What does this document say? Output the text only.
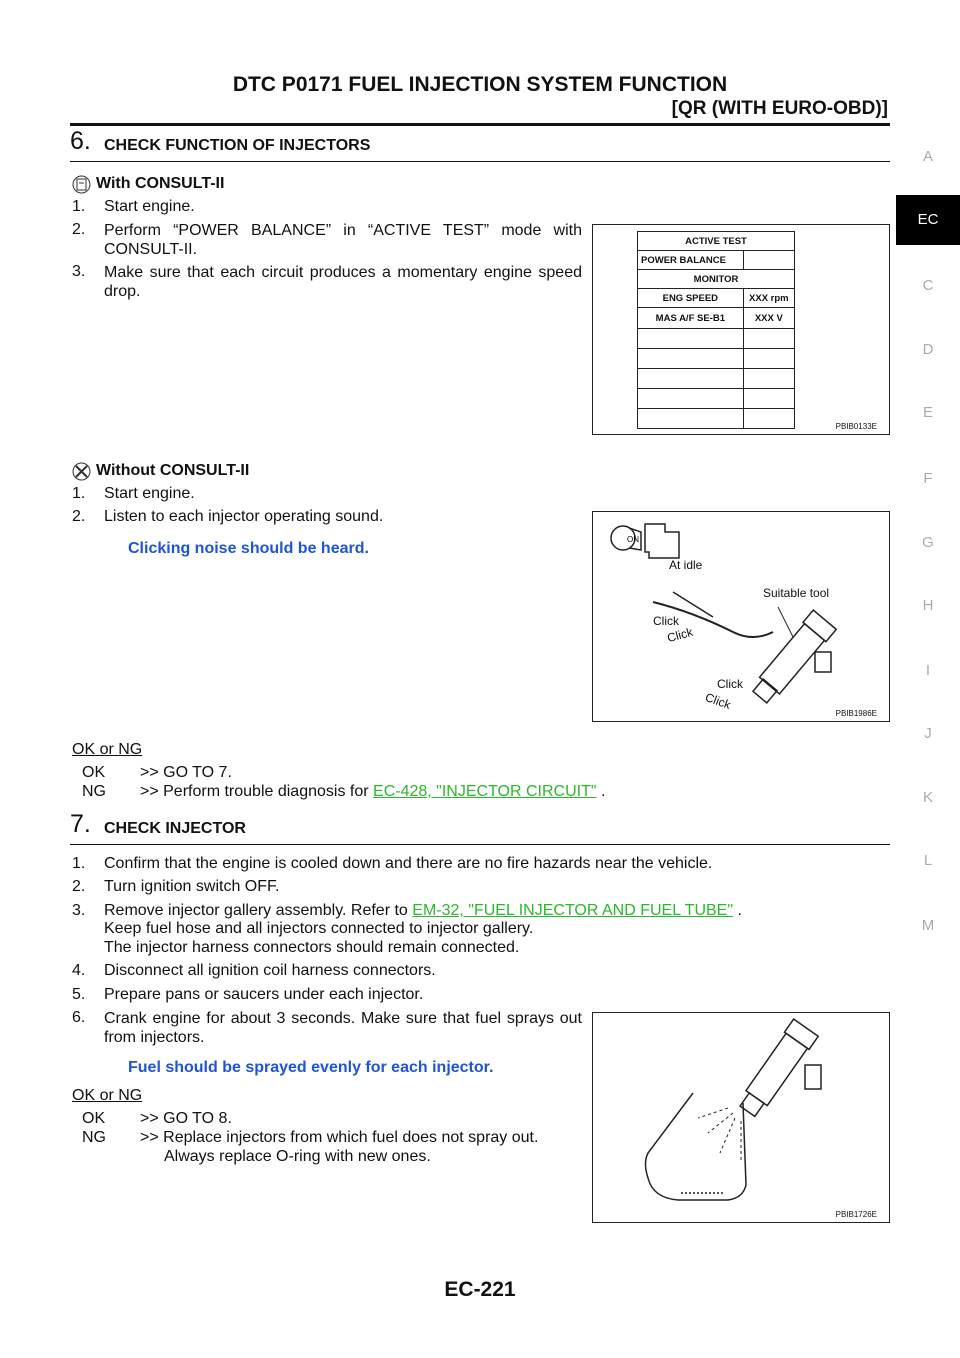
DTC P0171 FUEL INJECTION SYSTEM FUNCTION
[QR (WITH EURO-OBD)]
A
EC
C
D
E
F
G
H
I
J
K
L
M
6. CHECK FUNCTION OF INJECTORS
With CONSULT-II
1. Start engine.
2. Perform “POWER BALANCE” in “ACTIVE TEST” mode with CONSULT-II.

3. Make sure that each circuit produces a momentary engine speed drop.

ACTIVE TEST	
POWER BALANCE	
MONITOR	
ENG SPEED	XXX rpm
MAS A/F SE-B1	XXX V

PBIB0133E
Without CONSULT-II
1. Start engine.
2. Listen to each injector operating sound.
Clicking noise should be heard.
ON
At idle
Suitable tool
Click
Click
Click
Click
PBIB1986E
OK or NG
OK >> GO TO 7.
NG >> Perform trouble diagnosis for EC-428, "INJECTOR CIRCUIT" .
7. CHECK INJECTOR
1. Confirm that the engine is cooled down and there are no fire hazards near the vehicle.
2. Turn ignition switch OFF.
3. Remove injector gallery assembly. Refer to EM-32, "FUEL INJECTOR AND FUEL TUBE" .
Keep fuel hose and all injectors connected to injector gallery.
The injector harness connectors should remain connected.
4. Disconnect all ignition coil harness connectors.
5. Prepare pans or saucers under each injector.
6. Crank engine for about 3 seconds. Make sure that fuel sprays out from injectors.

Fuel should be sprayed evenly for each injector.
PBIB1726E
OK or NG
OK >> GO TO 8.
NG >> Replace injectors from which fuel does not spray out.
Always replace O-ring with new ones.
EC-221
